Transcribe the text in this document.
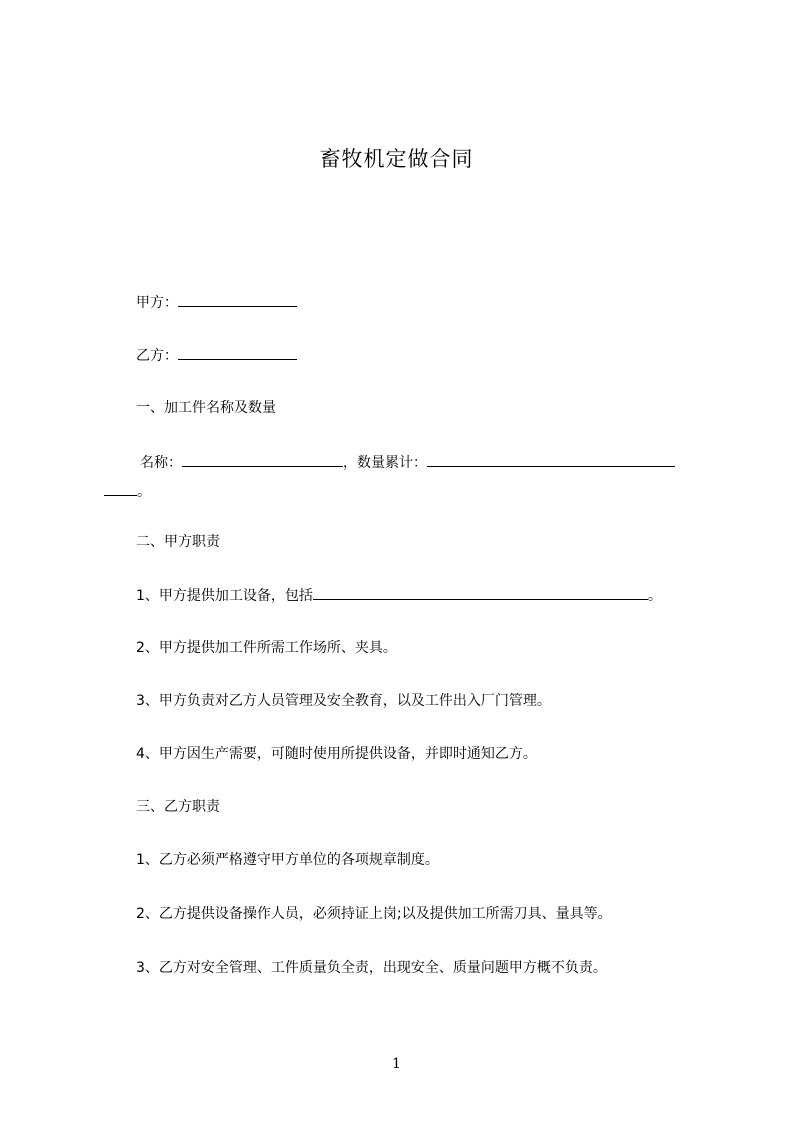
畜牧机定做合同
甲方：
乙方：
一、加工件名称及数量
名称：	，数量累计：
。
二、甲方职责
1、甲方提供加工设备，包括	。
2、甲方提供加工件所需工作场所、夹具。
3、甲方负责对乙方人员管理及安全教育，以及工件出入厂门管理。
4、甲方因生产需要，可随时使用所提供设备，并即时通知乙方。
三、乙方职责
1、乙方必须严格遵守甲方单位的各项规章制度。
2、乙方提供设备操作人员，必须持证上岗;以及提供加工所需刀具、量具等。
3、乙方对安全管理、工件质量负全责，出现安全、质量问题甲方概不负责。
1
